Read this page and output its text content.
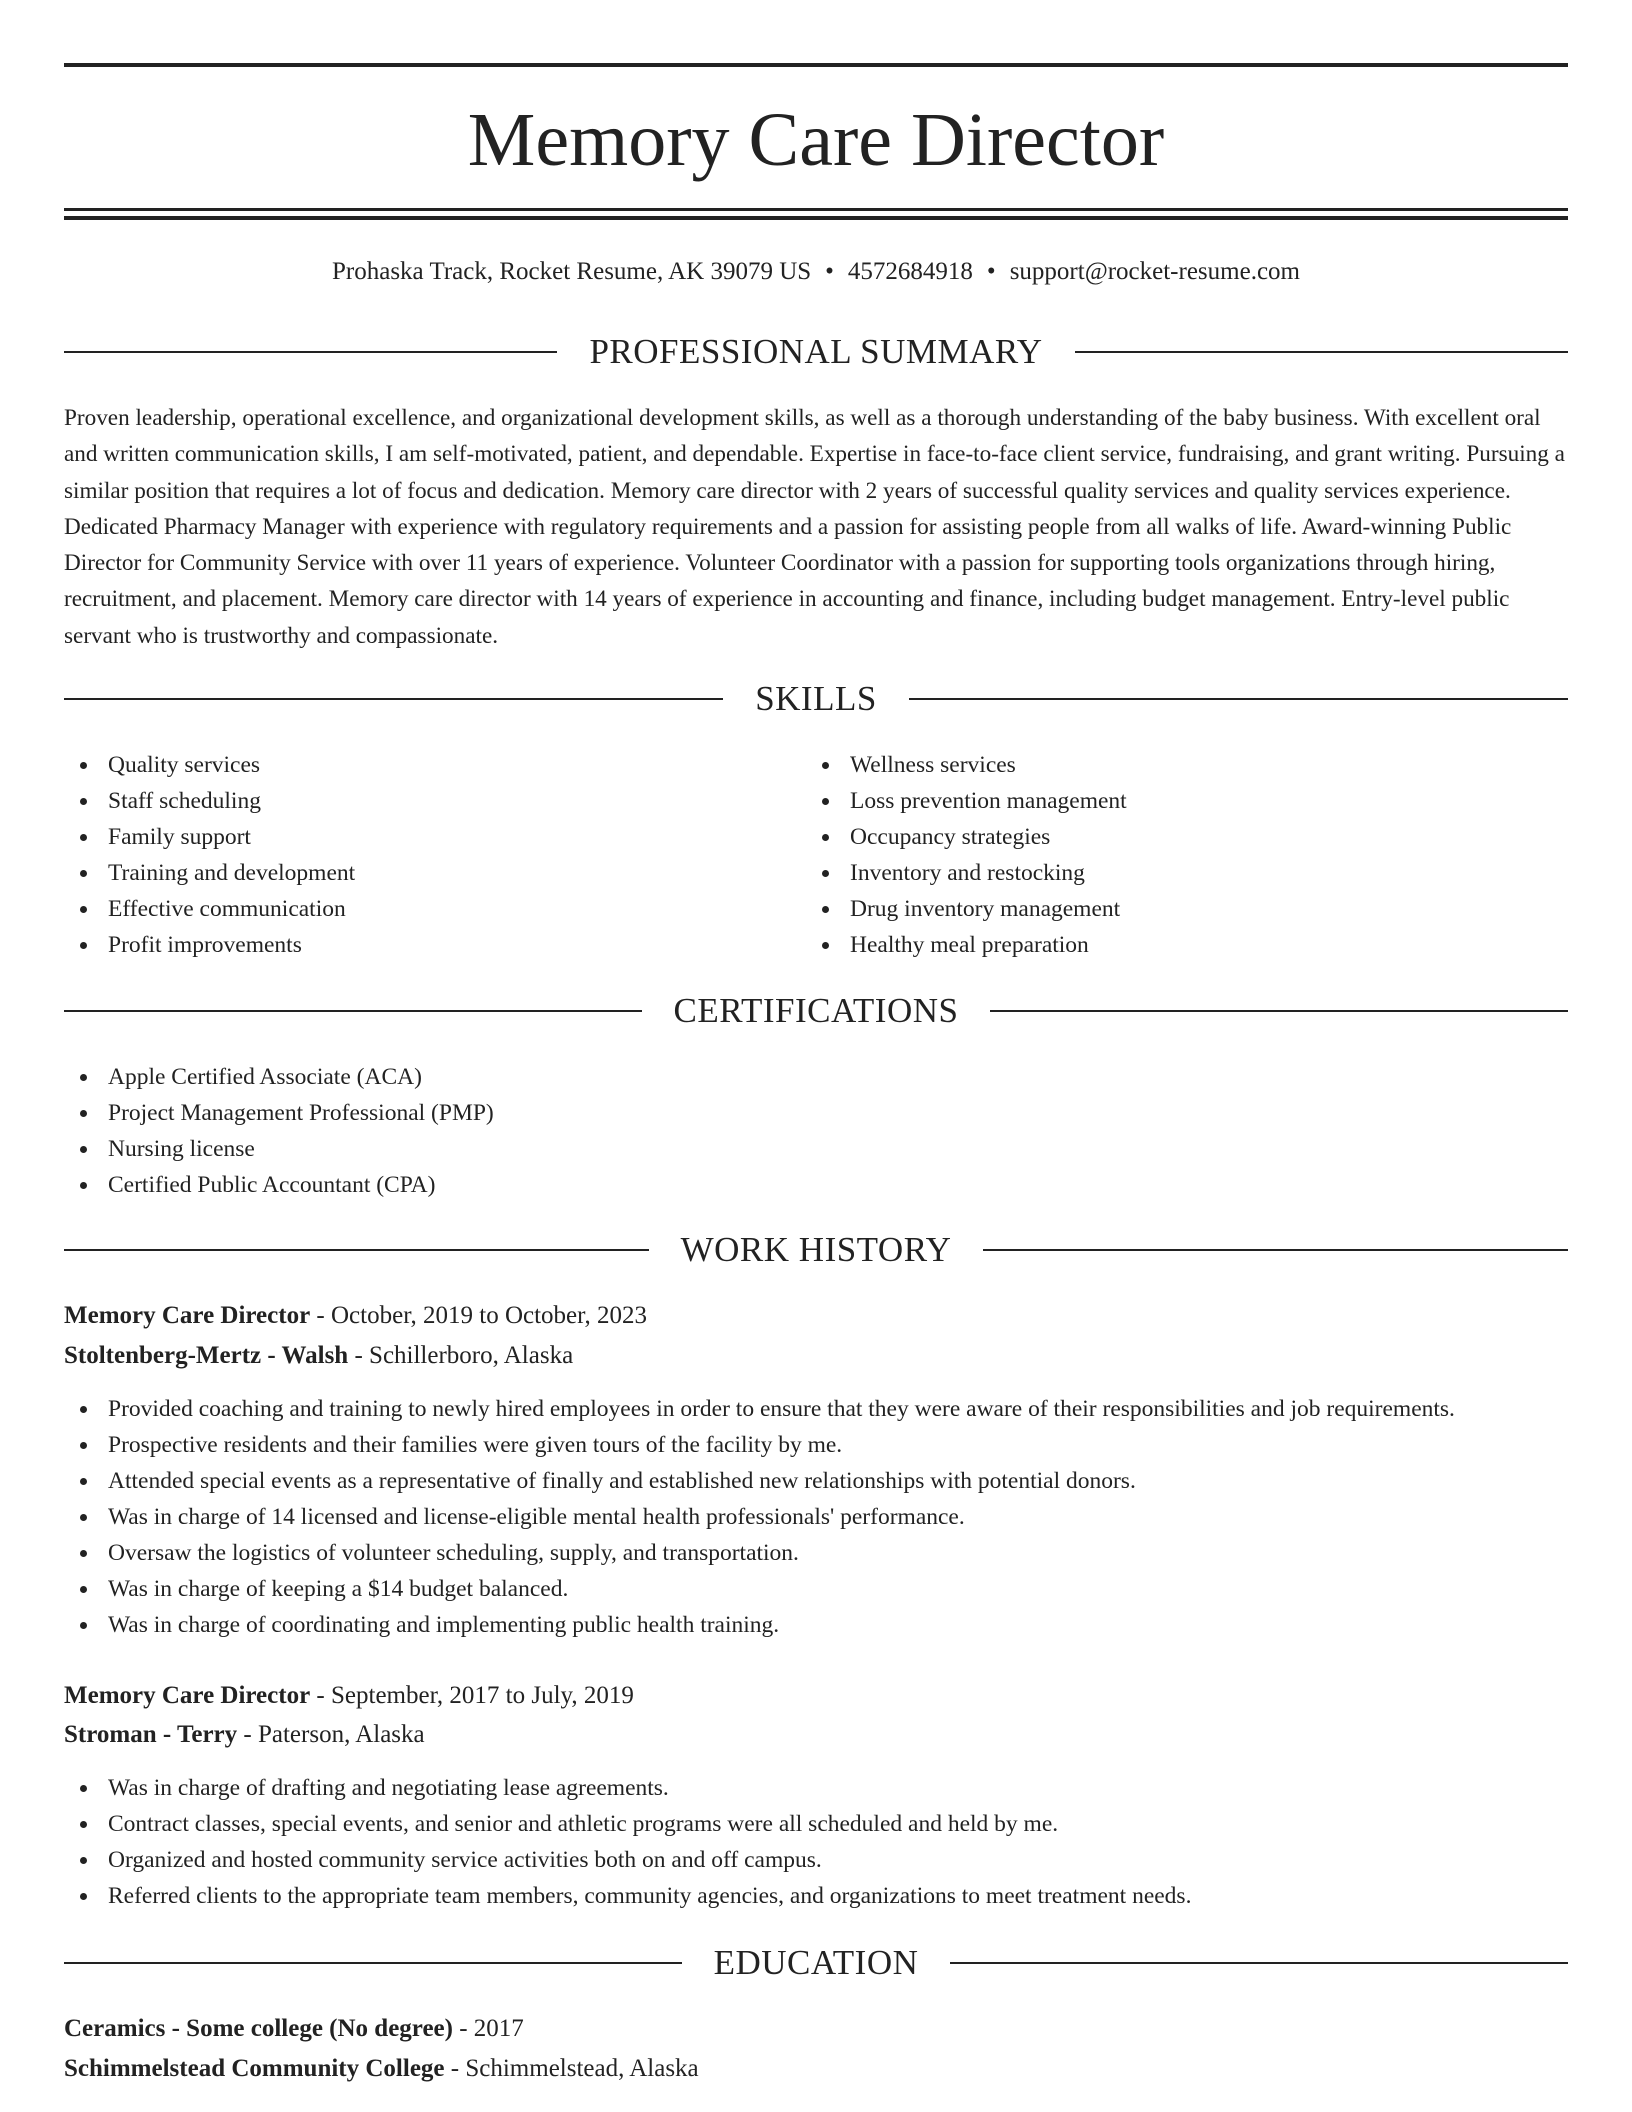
Memory Care Director
Prohaska Track, Rocket Resume, AK 39079 US • 4572684918 • support@rocket-resume.com
PROFESSIONAL SUMMARY

Proven leadership, operational excellence, and organizational development skills, as well as a thorough understanding of the baby business. With excellent oral and written communication skills, I am self-motivated, patient, and dependable. Expertise in face-to-face client service, fundraising, and grant writing. Pursuing a similar position that requires a lot of focus and dedication. Memory care director with 2 years of successful quality services and quality services experience. Dedicated Pharmacy Manager with experience with regulatory requirements and a passion for assisting people from all walks of life. Award-winning Public Director for Community Service with over 11 years of experience. Volunteer Coordinator with a passion for supporting tools organizations through hiring, recruitment, and placement. Memory care director with 14 years of experience in accounting and finance, including budget management. Entry-level public servant who is trustworthy and compassionate.

SKILLS
Quality services
Staff scheduling
Family support
Training and development
Effective communication
Profit improvements
Wellness services
Loss prevention management
Occupancy strategies
Inventory and restocking
Drug inventory management
Healthy meal preparation
CERTIFICATIONS
Apple Certified Associate (ACA)
Project Management Professional (PMP)
Nursing license
Certified Public Accountant (CPA)
WORK HISTORY
Memory Care Director - October, 2019 to October, 2023
Stoltenberg-Mertz - Walsh - Schillerboro, Alaska
Provided coaching and training to newly hired employees in order to ensure that they were aware of their responsibilities and job requirements.
Prospective residents and their families were given tours of the facility by me.
Attended special events as a representative of finally and established new relationships with potential donors.
Was in charge of 14 licensed and license-eligible mental health professionals' performance.
Oversaw the logistics of volunteer scheduling, supply, and transportation.
Was in charge of keeping a $14 budget balanced.
Was in charge of coordinating and implementing public health training.
Memory Care Director - September, 2017 to July, 2019
Stroman - Terry - Paterson, Alaska
Was in charge of drafting and negotiating lease agreements.
Contract classes, special events, and senior and athletic programs were all scheduled and held by me.
Organized and hosted community service activities both on and off campus.
Referred clients to the appropriate team members, community agencies, and organizations to meet treatment needs.
EDUCATION
Ceramics - Some college (No degree) - 2017
Schimmelstead Community College - Schimmelstead, Alaska
